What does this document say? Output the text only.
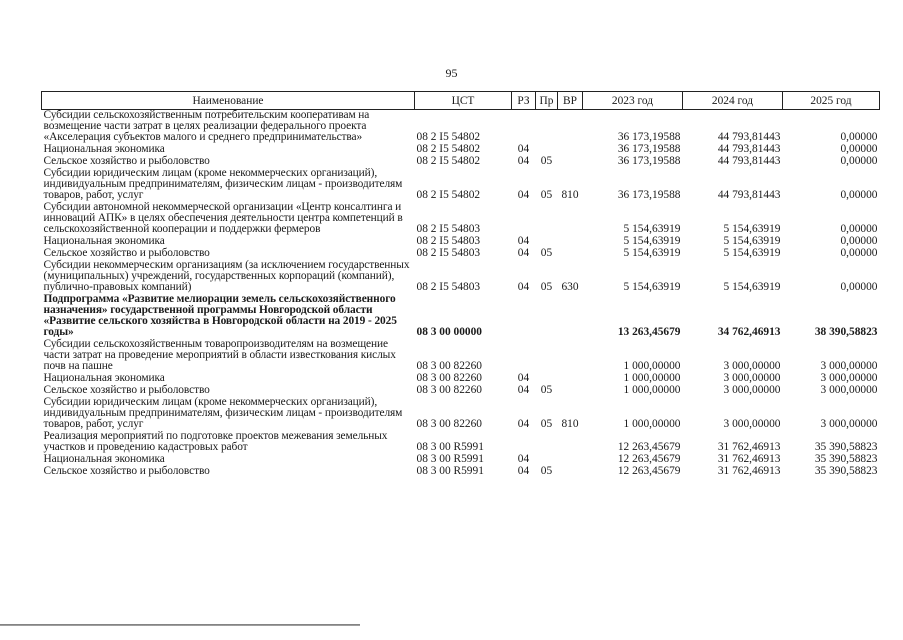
95
Наименование	ЦСТ	РЗ	Пр	ВР	2023 год	2024 год	2025 год
Субсидии сельскохозяйственным потребительским кооперативам на возмещение части затрат в целях реализации федерального проекта «Акселерация субъектов малого и среднего предпринимательства»	08 2 I5 54802				36 173,19588	44 793,81443	0,00000
Национальная экономика	08 2 I5 54802	04			36 173,19588	44 793,81443	0,00000
Сельское хозяйство и рыболовство	08 2 I5 54802	04	05		36 173,19588	44 793,81443	0,00000
Субсидии юридическим лицам (кроме некоммерческих организаций), индивидуальным предпринимателям, физическим лицам - производителям товаров, работ, услуг	08 2 I5 54802	04	05	810	36 173,19588	44 793,81443	0,00000
Субсидии автономной некоммерческой организации «Центр консалтинга и инноваций АПК» в целях обеспечения деятельности центра компетенций в сельскохозяйственной кооперации и поддержки фермеров	08 2 I5 54803				5 154,63919	5 154,63919	0,00000
Национальная экономика	08 2 I5 54803	04			5 154,63919	5 154,63919	0,00000
Сельское хозяйство и рыболовство	08 2 I5 54803	04	05		5 154,63919	5 154,63919	0,00000
Субсидии некоммерческим организациям (за исключением государственных (муниципальных) учреждений, государственных корпораций (компаний), публично-правовых компаний)	08 2 I5 54803	04	05	630	5 154,63919	5 154,63919	0,00000
Подпрограмма «Развитие мелиорации земель сельскохозяйственного назначения» государственной программы Новгородской области «Развитие сельского хозяйства в Новгородской области на 2019 - 2025 годы»	08 3 00 00000				13 263,45679	34 762,46913	38 390,58823
Субсидии сельскохозяйственным товаропроизводителям на возмещение части затрат на проведение мероприятий в области известкования кислых почв на пашне	08 3 00 82260				1 000,00000	3 000,00000	3 000,00000
Национальная экономика	08 3 00 82260	04			1 000,00000	3 000,00000	3 000,00000
Сельское хозяйство и рыболовство	08 3 00 82260	04	05		1 000,00000	3 000,00000	3 000,00000
Субсидии юридическим лицам (кроме некоммерческих организаций), индивидуальным предпринимателям, физическим лицам - производителям товаров, работ, услуг	08 3 00 82260	04	05	810	1 000,00000	3 000,00000	3 000,00000
Реализация мероприятий по подготовке проектов межевания земельных участков и проведению кадастровых работ	08 3 00 R5991				12 263,45679	31 762,46913	35 390,58823
Национальная экономика	08 3 00 R5991	04			12 263,45679	31 762,46913	35 390,58823
Сельское хозяйство и рыболовство	08 3 00 R5991	04	05		12 263,45679	31 762,46913	35 390,58823
